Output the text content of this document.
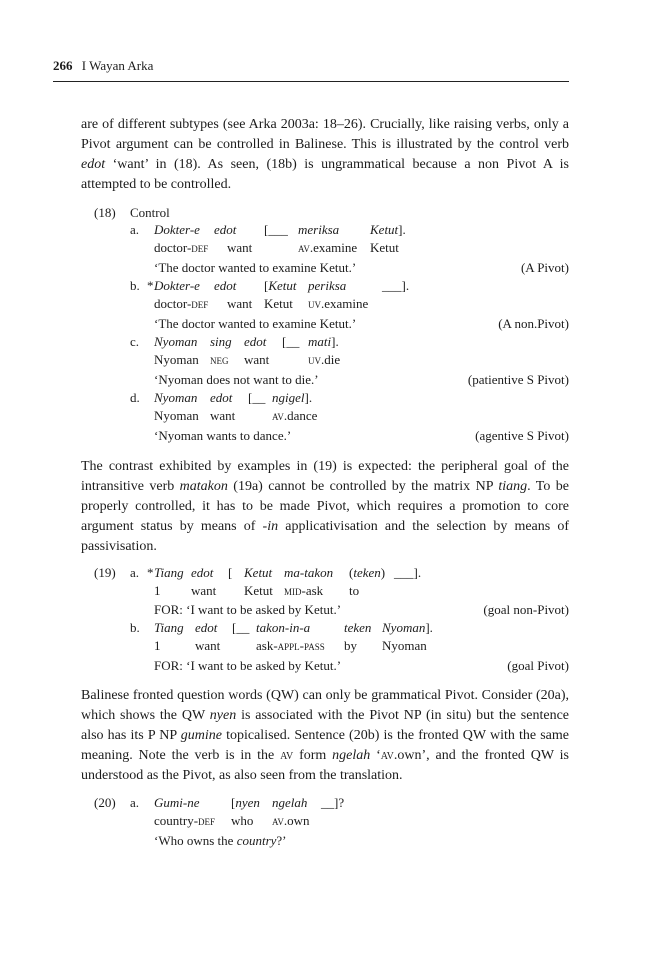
266 I Wayan Arka
are of different subtypes (see Arka 2003a: 18–26). Crucially, like raising verbs, only a Pivot argument can be controlled in Balinese. This is illustrated by the control verb edot ‘want’ in (18). As seen, (18b) is ungrammatical because a non Pivot A is attempted to be controlled.
(18) Control
a. Dokter-e edot [___ meriksa Ketut].
doctor-def want	av.examine Ketut
‘The doctor wanted to examine Ketut.’	(A Pivot)
b. * Dokter-e edot [Ketut periksa	___].
doctor-def want Ketut uv.examine
‘The doctor wanted to examine Ketut.’	(A non.Pivot)
c. Nyoman sing edot [__ mati].
Nyoman neg want	uv.die
‘Nyoman does not want to die.’	(patientive S Pivot)
d. Nyoman edot [__ ngigel].
Nyoman want	av.dance
‘Nyoman wants to dance.’	(agentive S Pivot)
The contrast exhibited by examples in (19) is expected: the peripheral goal of the intransitive verb matakon (19a) cannot be controlled by the matrix NP tiang. To be properly controlled, it has to be made Pivot, which requires a promotion to core argument status by means of -in applicativisation and the selection by means of passivisation.
(19) a. * Tiang edot [ Ketut ma-takon (teken) ___].
1 want Ketut mid-ask to
FOR: ‘I want to be asked by Ketut.’	(goal non-Pivot)
b. Tiang edot [__ takon-in-a	teken Nyoman].
1	want	ask-appl-pass by Nyoman
FOR: ‘I want to be asked by Ketut.’	(goal Pivot)
Balinese fronted question words (QW) can only be grammatical Pivot. Consider (20a), which shows the QW nyen is associated with the Pivot NP (in situ) but the sentence also has its P NP gumine topicalised. Sentence (20b) is the fronted QW with the same meaning. Note the verb is in the av form ngelah ‘av.own’, and the fronted QW is understood as the Pivot, as also seen from the translation.
(20) a. Gumi-ne [nyen ngelah __]?
country-def who av.own
‘Who owns the country?’
